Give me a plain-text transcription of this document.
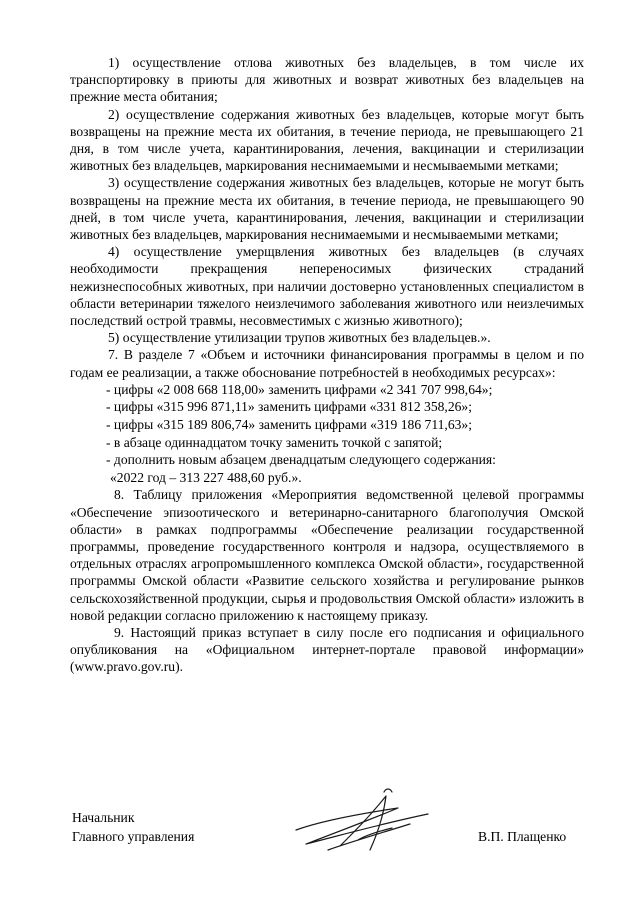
1) осуществление отлова животных без владельцев, в том числе их транспортировку в приюты для животных и возврат животных без владельцев на прежние места обитания;

2) осуществление содержания животных без владельцев, которые могут быть возвращены на прежние места их обитания, в течение периода, не превышающего 21 дня, в том числе учета, карантинирования, лечения, вакцинации и стерилизации животных без владельцев, маркирования неснимаемыми и несмываемыми метками;

3) осуществление содержания животных без владельцев, которые не могут быть возвращены на прежние места их обитания, в течение периода, не превышающего 90 дней, в том числе учета, карантинирования, лечения, вакцинации и стерилизации животных без владельцев, маркирования неснимаемыми и несмываемыми метками;

4) осуществление умерщвления животных без владельцев (в случаях необходимости прекращения непереносимых физических страданий нежизнеспособных животных, при наличии достоверно установленных специалистом в области ветеринарии тяжелого неизлечимого заболевания животного или неизлечимых последствий острой травмы, несовместимых с жизнью животного);

5) осуществление утилизации трупов животных без владельцев.».

7. В разделе 7 «Объем и источники финансирования программы в целом и по годам ее реализации, а также обоснование потребностей в необходимых ресурсах»:

- цифры «2 008 668 118,00» заменить цифрами «2 341 707 998,64»;

- цифры «315 996 871,11» заменить цифрами «331 812 358,26»;

- цифры «315 189 806,74» заменить цифрами «319 186 711,63»;

- в абзаце одиннадцатом точку заменить точкой с запятой;

- дополнить новым абзацем двенадцатым следующего содержания:

«2022 год – 313 227 488,60 руб.».

8. Таблицу приложения «Мероприятия ведомственной целевой программы «Обеспечение эпизоотического и ветеринарно-санитарного благополучия Омской области» в рамках подпрограммы «Обеспечение реализации государственной программы, проведение государственного контроля и надзора, осуществляемого в отдельных отраслях агропромышленного комплекса Омской области», государственной программы Омской области «Развитие сельского хозяйства и регулирование рынков сельскохозяйственной продукции, сырья и продовольствия Омской области» изложить в новой редакции согласно приложению к настоящему приказу.

9. Настоящий приказ вступает в силу после его подписания и официального опубликования на «Официальном интернет-портале правовой информации» (www.pravo.gov.ru).

Начальник
Главного управления	В.П. Плащенко
